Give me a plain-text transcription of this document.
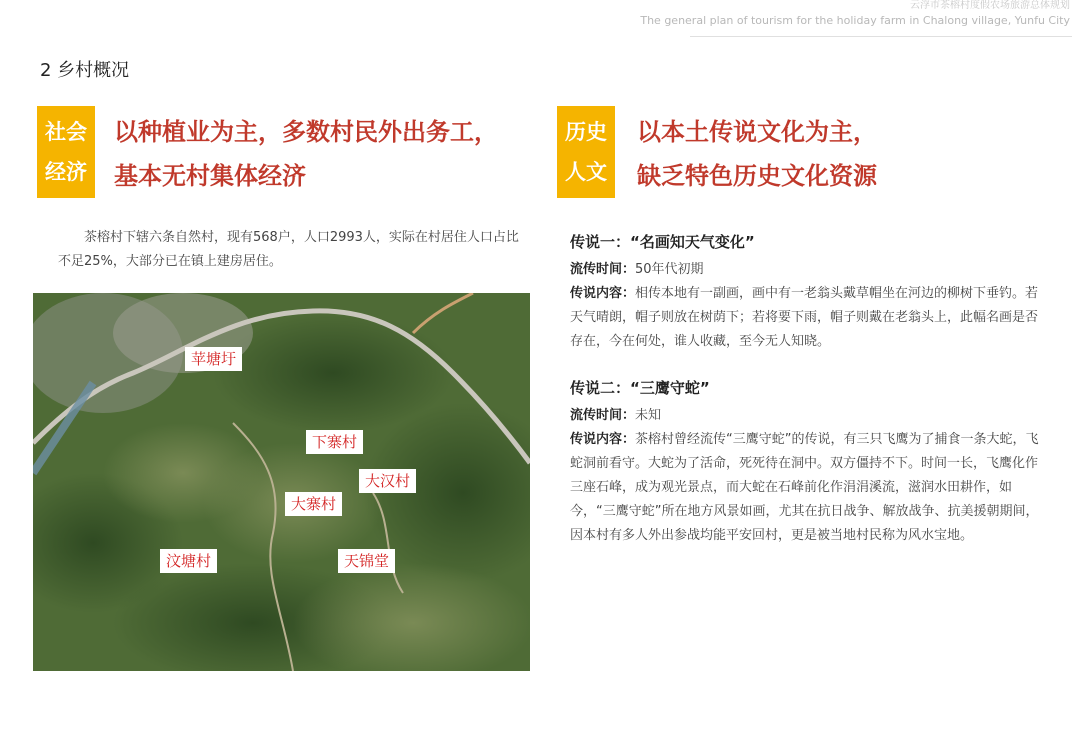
云浮市茶榕村度假农场旅游总体规划
The general plan of tourism for the holiday farm in Chalong village, Yunfu City
2 乡村概况
社会
经济
以种植业为主，多数村民外出务工，
基本无村集体经济
茶榕村下辖六条自然村，现有568户，人口2993人，实际在村居住人口占比不足25%，大部分已在镇上建房居住。
苹塘圩
下寨村
大汉村
大寨村
汶塘村	天锦堂
历史
人文
以本土传说文化为主，
缺乏特色历史文化资源
传说一：“名画知天气变化”
流传时间：50年代初期
传说内容：相传本地有一副画，画中有一老翁头戴草帽坐在河边的柳树下垂钓。若天气晴朗，帽子则放在树荫下；若将要下雨，帽子则戴在老翁头上，此幅名画是否存在，今在何处，谁人收藏，至今无人知晓。
传说二：“三鹰守蛇”
流传时间：未知
传说内容：茶榕村曾经流传“三鹰守蛇”的传说，有三只飞鹰为了捕食一条大蛇，飞蛇洞前看守。大蛇为了活命，死死待在洞中。双方僵持不下。时间一长，飞鹰化作三座石峰，成为观光景点，而大蛇在石峰前化作涓涓溪流，滋润水田耕作，如今，“三鹰守蛇”所在地方风景如画，尤其在抗日战争、解放战争、抗美援朝期间，因本村有多人外出参战均能平安回村，更是被当地村民称为风水宝地。
